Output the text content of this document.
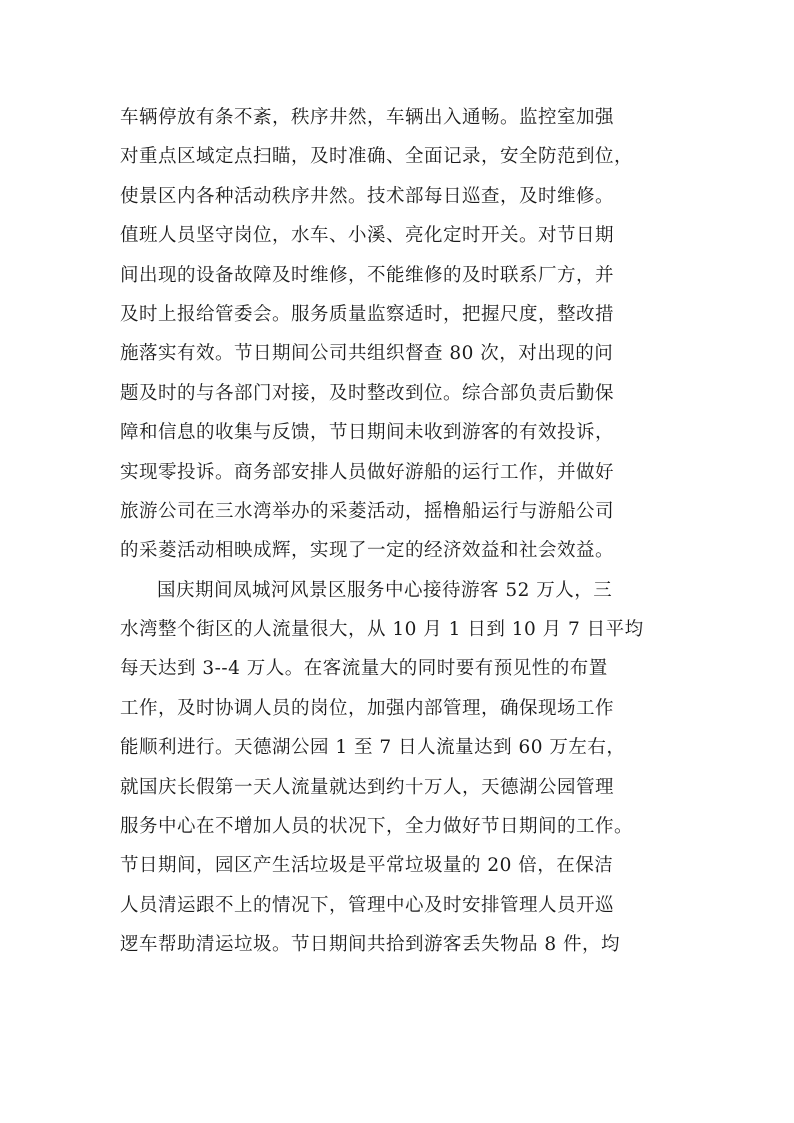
车辆停放有条不紊，秩序井然，车辆出入通畅。监控室加强
对重点区域定点扫瞄，及时准确、全面记录，安全防范到位，
使景区内各种活动秩序井然。技术部每日巡查，及时维修。
值班人员坚守岗位，水车、小溪、亮化定时开关。对节日期
间出现的设备故障及时维修，不能维修的及时联系厂方，并
及时上报给管委会。服务质量监察适时，把握尺度，整改措
施落实有效。节日期间公司共组织督查 80 次，对出现的问
题及时的与各部门对接，及时整改到位。综合部负责后勤保
障和信息的收集与反馈，节日期间未收到游客的有效投诉，
实现零投诉。商务部安排人员做好游船的运行工作，并做好
旅游公司在三水湾举办的采菱活动，摇橹船运行与游船公司
的采菱活动相映成辉，实现了一定的经济效益和社会效益。
国庆期间凤城河风景区服务中心接待游客 52 万人，三
水湾整个街区的人流量很大，从 10 月 1 日到 10 月 7 日平均
每天达到 3--4 万人。在客流量大的同时要有预见性的布置
工作，及时协调人员的岗位，加强内部管理，确保现场工作
能顺利进行。天德湖公园 1 至 7 日人流量达到 60 万左右，
就国庆长假第一天人流量就达到约十万人，天德湖公园管理
服务中心在不增加人员的状况下，全力做好节日期间的工作。
节日期间，园区产生活垃圾是平常垃圾量的 20 倍，在保洁
人员清运跟不上的情况下，管理中心及时安排管理人员开巡
逻车帮助清运垃圾。节日期间共拾到游客丢失物品 8 件，均
